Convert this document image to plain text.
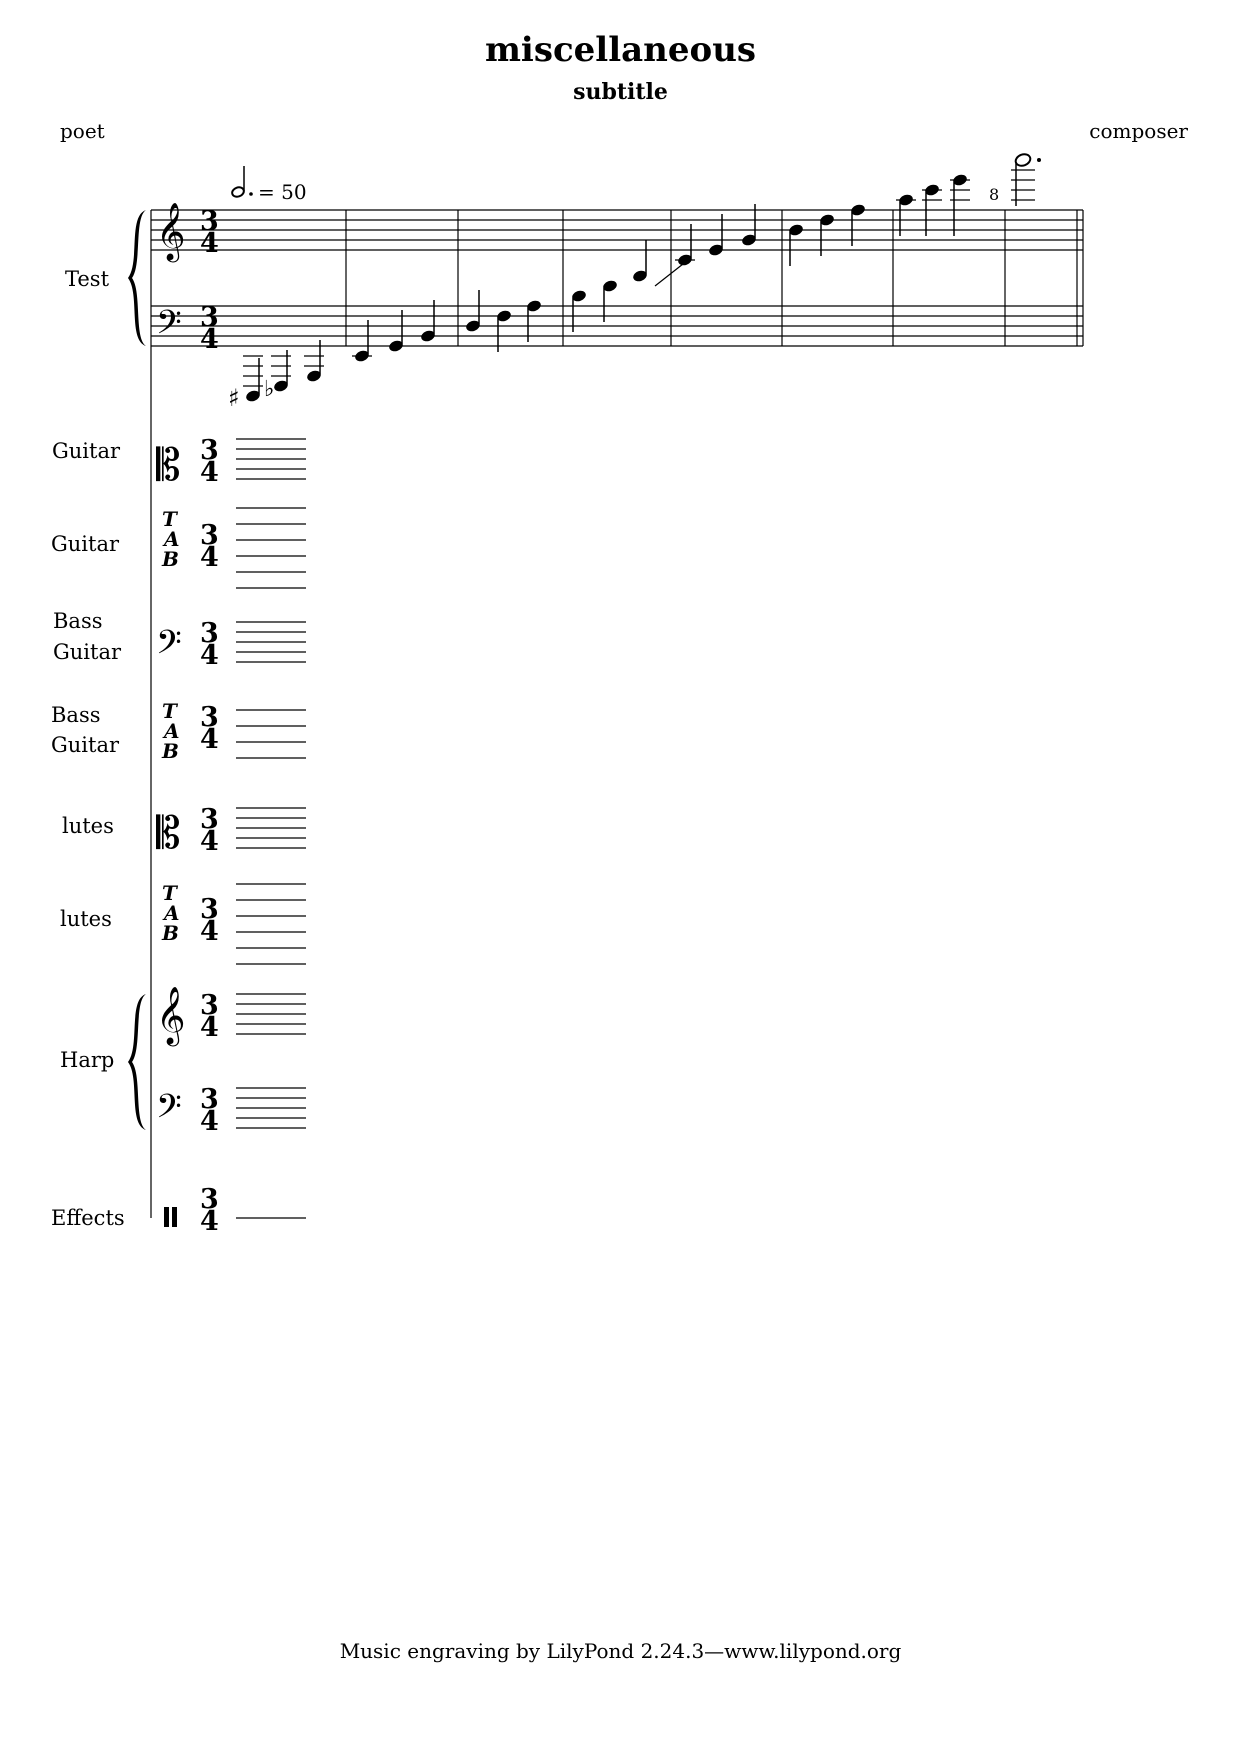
miscellaneous
subtitle
poet	composer
𝄞
𝄢
𝄡
𝄢
𝄡
𝄞
𝄢
T
A
B
T
A
B
T
A
B
3
4
3
4
3
4
3
4
3
4
3
4
3
4
3
4
3
4
3
4
3
4
= 50
♯ ♭
8
Test
Guitar
Guitar
Bass
Guitar
Bass
Guitar
lutes
lutes
Harp
Effects
Music engraving by LilyPond 2.24.3—www.lilypond.org
